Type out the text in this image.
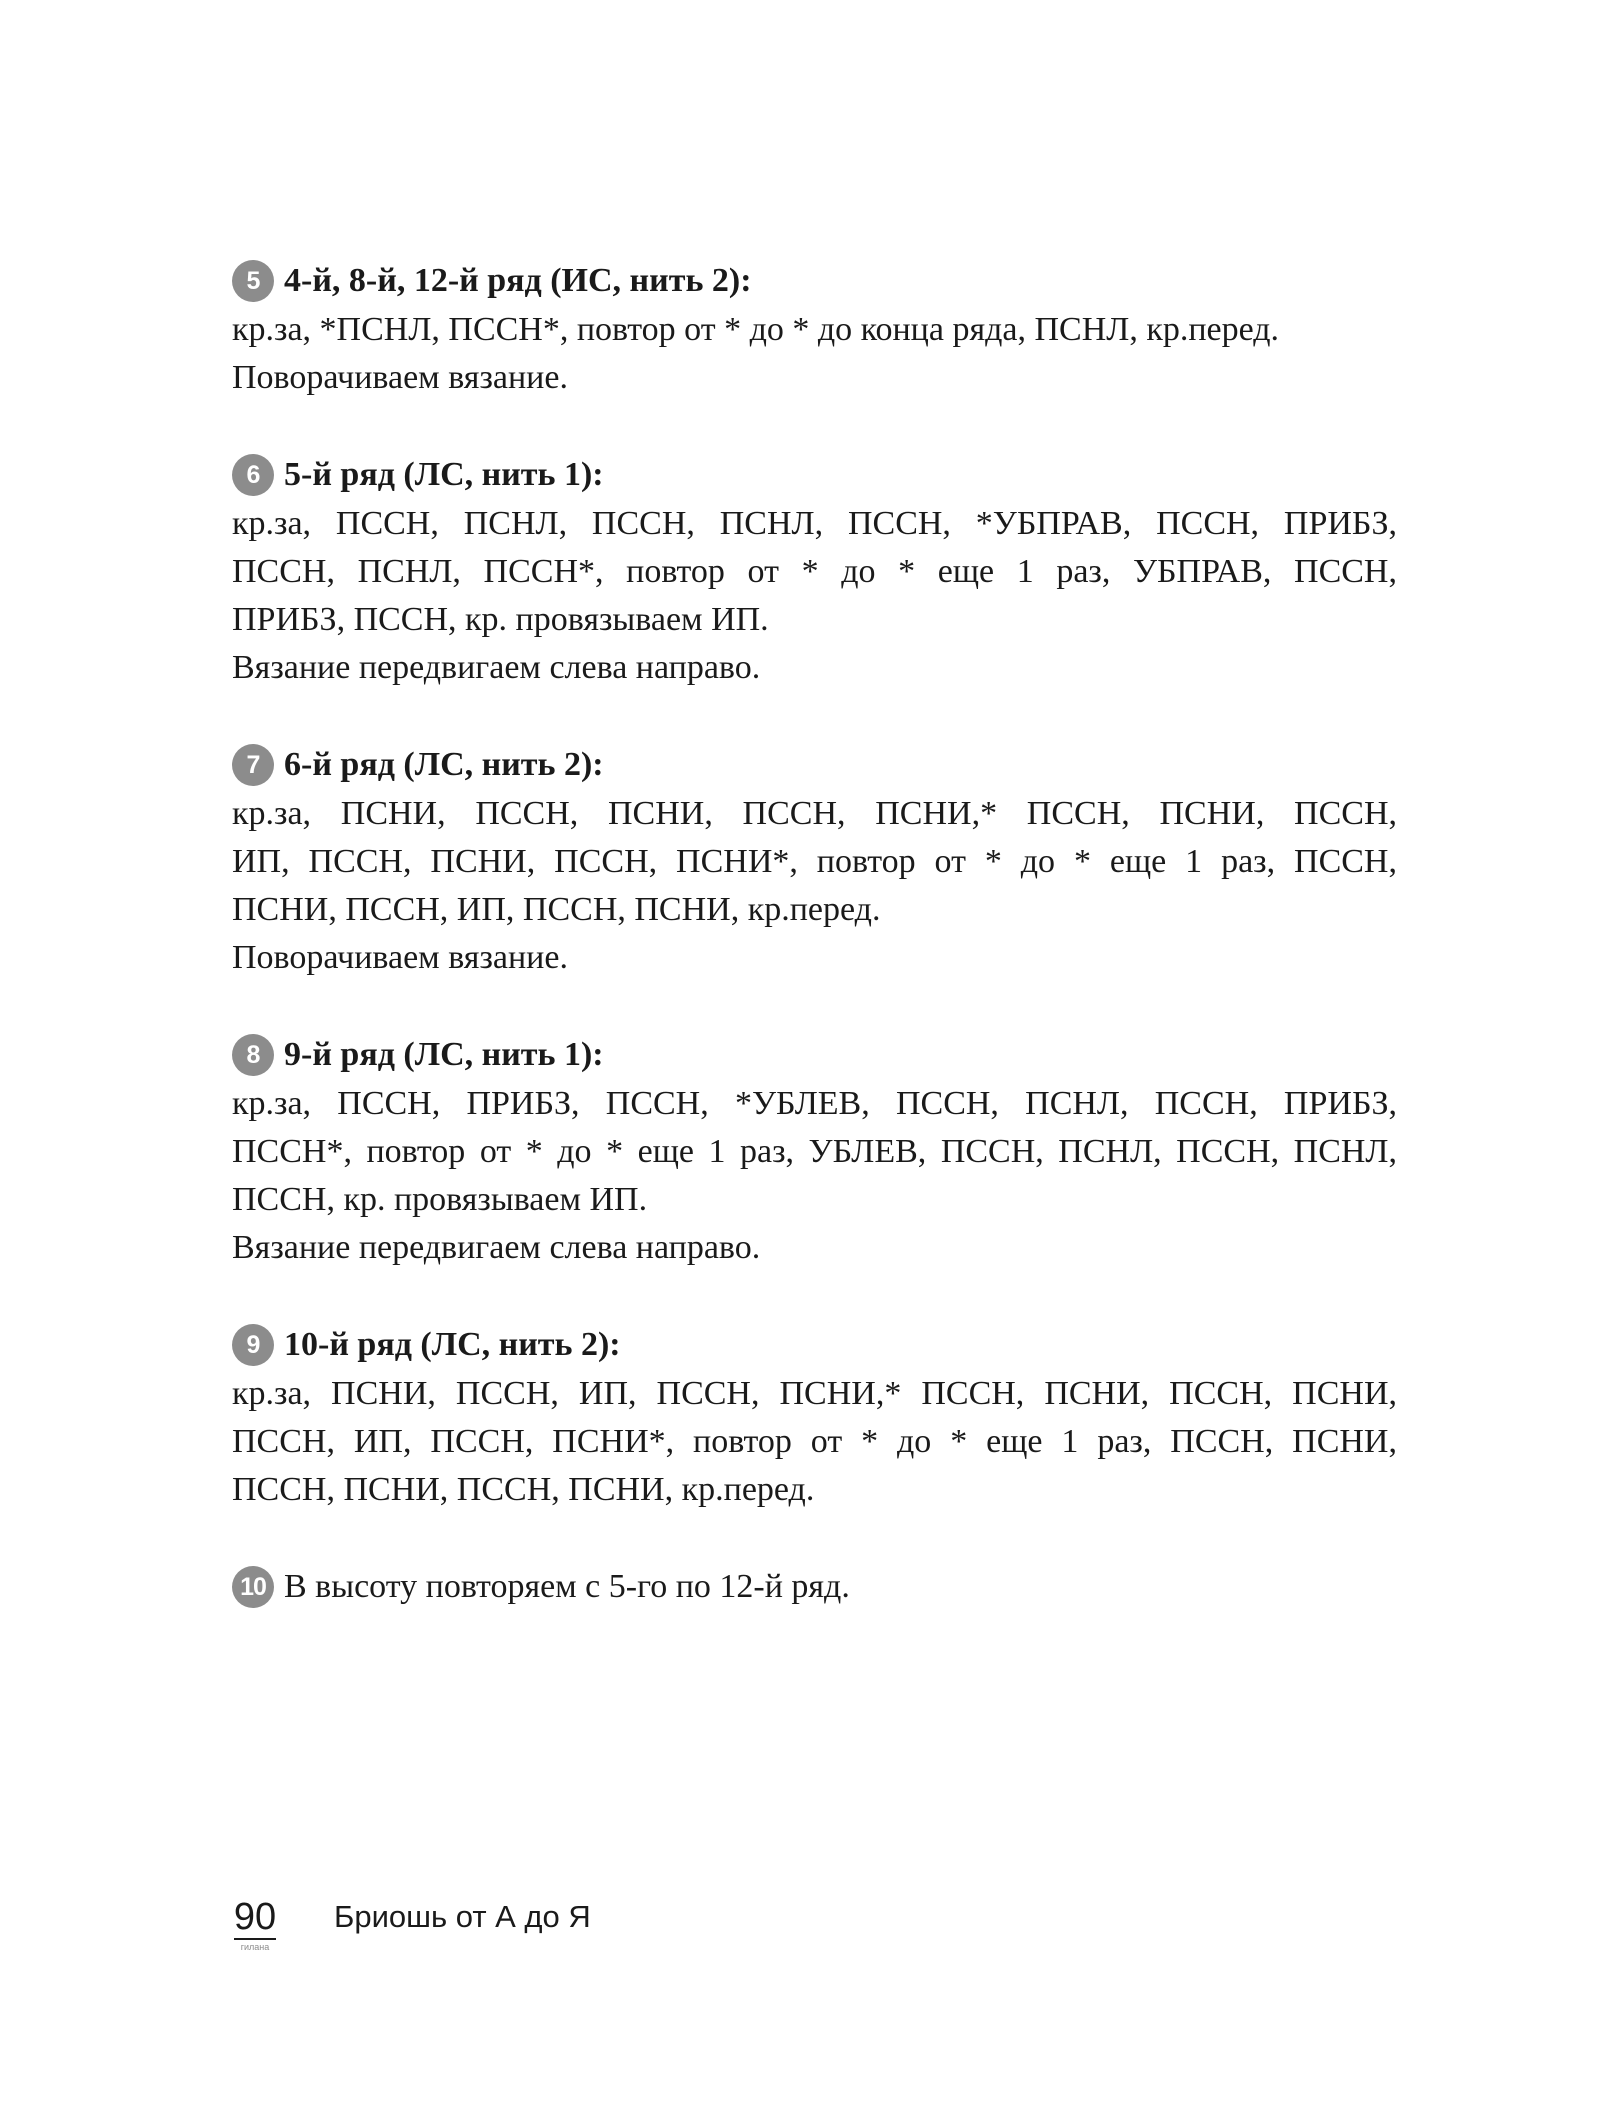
5 4-й, 8-й, 12-й ряд (ИС, нить 2):
кр.за, *ПСНЛ, ПССН*, повтор от * до * до конца ряда, ПСНЛ, кр.перед.
Поворачиваем вязание.
6 5-й ряд (ЛС, нить 1):
кр.за, ПССН, ПСНЛ, ПССН, ПСНЛ, ПССН, *УБПРАВ, ПССН, ПРИБЗ,
ПССН, ПСНЛ, ПССН*, повтор от * до * еще 1 раз, УБПРАВ, ПССН,
ПРИБЗ, ПССН, кр. провязываем ИП.
Вязание передвигаем слева направо.
7 6-й ряд (ЛС, нить 2):
кр.за, ПСНИ, ПССН, ПСНИ, ПССН, ПСНИ,* ПССН, ПСНИ, ПССН,
ИП, ПССН, ПСНИ, ПССН, ПСНИ*, повтор от * до * еще 1 раз, ПССН,
ПСНИ, ПССН, ИП, ПССН, ПСНИ, кр.перед.
Поворачиваем вязание.
8 9-й ряд (ЛС, нить 1):
кр.за, ПССН, ПРИБЗ, ПССН, *УБЛЕВ, ПССН, ПСНЛ, ПССН, ПРИБЗ,
ПССН*, повтор от * до * еще 1 раз, УБЛЕВ, ПССН, ПСНЛ, ПССН, ПСНЛ,
ПССН, кр. провязываем ИП.
Вязание передвигаем слева направо.
9 10-й ряд (ЛС, нить 2):
кр.за, ПСНИ, ПССН, ИП, ПССН, ПСНИ,* ПССН, ПСНИ, ПССН, ПСНИ,
ПССН, ИП, ПССН, ПСНИ*, повтор от * до * еще 1 раз, ПССН, ПСНИ,
ПССН, ПСНИ, ПССН, ПСНИ, кр.перед.
10 В высоту повторяем с 5-го по 12-й ряд.
90
гилана
Бриошь от А до Я
